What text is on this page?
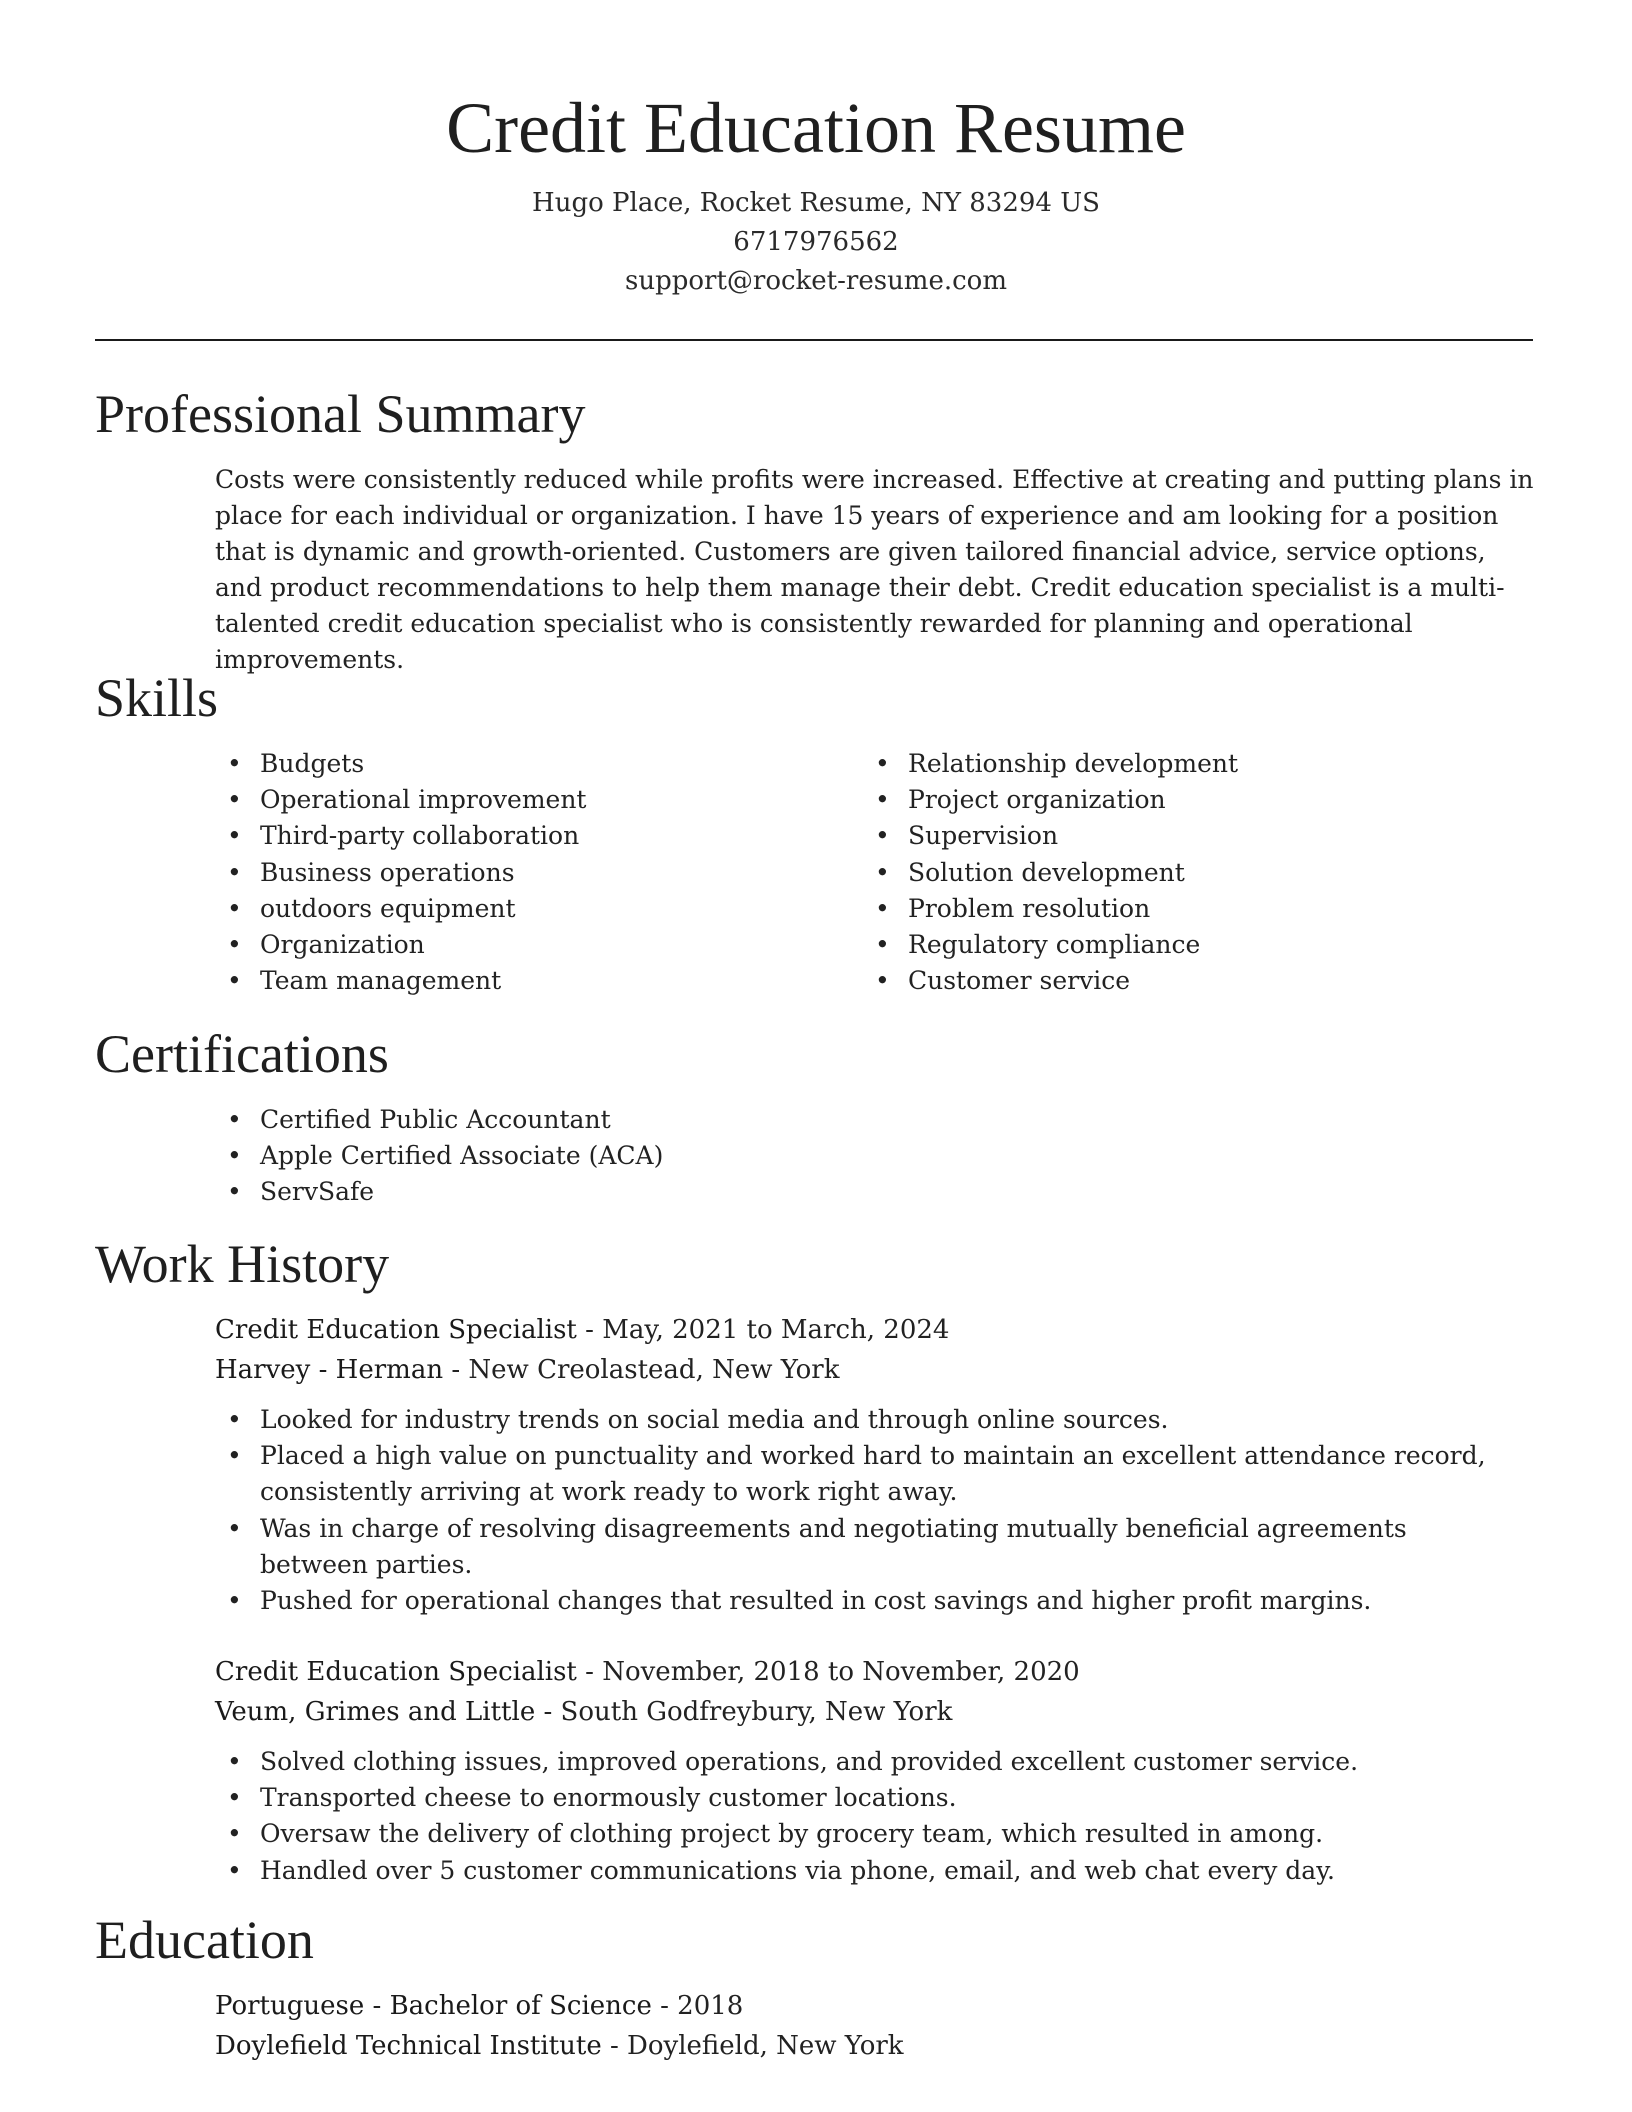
Credit Education Resume
Hugo Place, Rocket Resume, NY 83294 US
6717976562
support@rocket-resume.com
Professional Summary
Costs were consistently reduced while profits were increased. Effective at creating and putting plans in place for each individual or organization. I have 15 years of experience and am looking for a position that is dynamic and growth-oriented. Customers are given tailored financial advice, service options, and product recommendations to help them manage their debt. Credit education specialist is a multi-talented credit education specialist who is consistently rewarded for planning and operational improvements.
Skills
• Budgets
• Operational improvement
• Third-party collaboration
• Business operations
• outdoors equipment
• Organization
• Team management
• Relationship development
• Project organization
• Supervision
• Solution development
• Problem resolution
• Regulatory compliance
• Customer service
Certifications
• Certified Public Accountant
• Apple Certified Associate (ACA)
• ServSafe
Work History
Credit Education Specialist - May, 2021 to March, 2024
Harvey - Herman - New Creolastead, New York
• Looked for industry trends on social media and through online sources.
• Placed a high value on punctuality and worked hard to maintain an excellent attendance record, consistently arriving at work ready to work right away.
• Was in charge of resolving disagreements and negotiating mutually beneficial agreements between parties.
• Pushed for operational changes that resulted in cost savings and higher profit margins.
Credit Education Specialist - November, 2018 to November, 2020
Veum, Grimes and Little - South Godfreybury, New York
• Solved clothing issues, improved operations, and provided excellent customer service.
• Transported cheese to enormously customer locations.
• Oversaw the delivery of clothing project by grocery team, which resulted in among.
• Handled over 5 customer communications via phone, email, and web chat every day.
Education
Portuguese - Bachelor of Science - 2018
Doylefield Technical Institute - Doylefield, New York
